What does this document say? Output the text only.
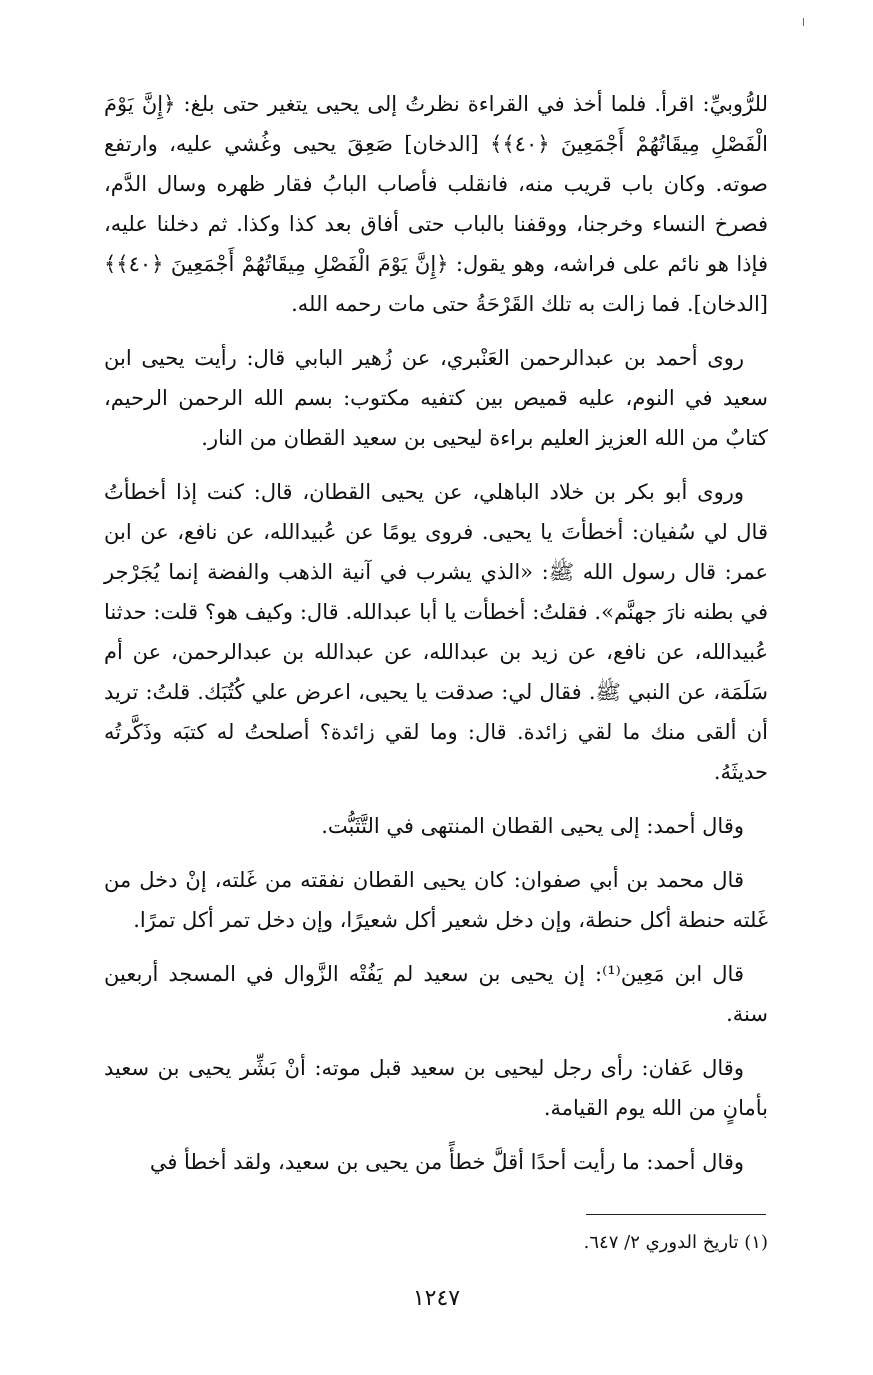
للرُّوبيِّ: اقرأ. فلما أخذ في القراءة نظرتُ إلى يحيى يتغير حتى بلغ: ﴿إِنَّ يَوْمَ الْفَصْلِ مِيقَاتُهُمْ أَجْمَعِينَ ﴿٤٠﴾﴾ [الدخان] صَعِقَ يحيى وغُشي عليه، وارتفع صوته. وكان باب قريب منه، فانقلب فأصاب البابُ فقار ظهره وسال الدَّم، فصرخ النساء وخرجنا، ووقفنا بالباب حتى أفاق بعد كذا وكذا. ثم دخلنا عليه، فإذا هو نائم على فراشه، وهو يقول: ﴿إِنَّ يَوْمَ الْفَصْلِ مِيقَاتُهُمْ أَجْمَعِينَ ﴿٤٠﴾﴾ [الدخان]. فما زالت به تلك القَرْحَةُ حتى مات رحمه الله.

روى أحمد بن عبدالرحمن العَنْبري، عن زُهير البابي قال: رأيت يحيى ابن سعيد في النوم، عليه قميص بين كتفيه مكتوب: بسم الله الرحمن الرحيم، كتابٌ من الله العزيز العليم براءة ليحيى بن سعيد القطان من النار.

وروى أبو بكر بن خلاد الباهلي، عن يحيى القطان، قال: كنت إذا أخطأتُ قال لي سُفيان: أخطأتَ يا يحيى. فروى يومًا عن عُبيدالله، عن نافع، عن ابن عمر: قال رسول الله ﷺ: «الذي يشرب في آنية الذهب والفضة إنما يُجَرْجر في بطنه نارَ جهنَّم». فقلتُ: أخطأت يا أبا عبدالله. قال: وكيف هو؟ قلت: حدثنا عُبيدالله، عن نافع، عن زيد بن عبدالله، عن عبدالله بن عبدالرحمن، عن أم سَلَمَة، عن النبي ﷺ. فقال لي: صدقت يا يحيى، اعرض علي كُتُبَك. قلتُ: تريد أن ألقى منك ما لقي زائدة. قال: وما لقي زائدة؟ أصلحتُ له كتبَه وذَكَّرتُه حديثَهُ.

وقال أحمد: إلى يحيى القطان المنتهى في التَّثَبُّت.

قال محمد بن أبي صفوان: كان يحيى القطان نفقته من غَلته، إنْ دخل من غَلته حنطة أكل حنطة، وإن دخل شعير أكل شعيرًا، وإن دخل تمر أكل تمرًا.

قال ابن مَعِين⁽¹⁾: إن يحيى بن سعيد لم يَفُتْه الزَّوال في المسجد أربعين سنة.

وقال عَفان: رأى رجل ليحيى بن سعيد قبل موته: أنْ بَشِّر يحيى بن سعيد بأمانٍ من الله يوم القيامة.

وقال أحمد: ما رأيت أحدًا أقلَّ خطأً من يحيى بن سعيد، ولقد أخطأ في

(١) تاريخ الدوري ٢/ ٦٤٧.
١٢٤٧
